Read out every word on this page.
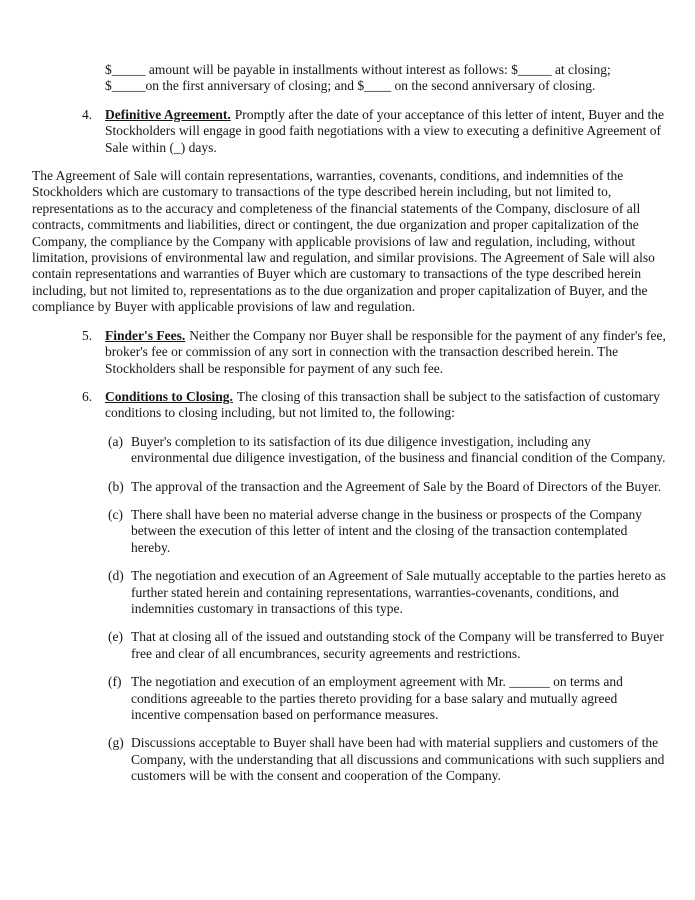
$_____ amount will be payable in installments without interest as follows: $_____ at closing; $_____on the first anniversary of closing; and $____ on the second anniversary of closing.

4. Definitive Agreement. Promptly after the date of your acceptance of this letter of intent, Buyer and the Stockholders will engage in good faith negotiations with a view to executing a definitive Agreement of Sale within (_) days.

The Agreement of Sale will contain representations, warranties, covenants, conditions, and indemnities of the Stockholders which are customary to transactions of the type described herein including, but not limited to, representations as to the accuracy and completeness of the financial statements of the Company, disclosure of all contracts, commitments and liabilities, direct or contingent, the due organization and proper capitalization of the Company, the compliance by the Company with applicable provisions of law and regulation, including, without limitation, provisions of environmental law and regulation, and similar provisions. The Agreement of Sale will also contain representations and warranties of Buyer which are customary to transactions of the type described herein including, but not limited to, representations as to the due organization and proper capitalization of Buyer, and the compliance by Buyer with applicable provisions of law and regulation.

5. Finder's Fees. Neither the Company nor Buyer shall be responsible for the payment of any finder's fee, broker's fee or commission of any sort in connection with the transaction described herein. The Stockholders shall be responsible for payment of any such fee.

6. Conditions to Closing. The closing of this transaction shall be subject to the satisfaction of customary conditions to closing including, but not limited to, the following:

(a) Buyer's completion to its satisfaction of its due diligence investigation, including any environmental due diligence investigation, of the business and financial condition of the Company.

(b) The approval of the transaction and the Agreement of Sale by the Board of Directors of the Buyer.

(c) There shall have been no material adverse change in the business or prospects of the Company between the execution of this letter of intent and the closing of the transaction contemplated hereby.

(d) The negotiation and execution of an Agreement of Sale mutually acceptable to the parties hereto as further stated herein and containing representations, warranties-covenants, conditions, and indemnities customary in transactions of this type.

(e) That at closing all of the issued and outstanding stock of the Company will be transferred to Buyer free and clear of all encumbrances, security agreements and restrictions.

(f) The negotiation and execution of an employment agreement with Mr. ______ on terms and conditions agreeable to the parties thereto providing for a base salary and mutually agreed incentive compensation based on performance measures.

(g) Discussions acceptable to Buyer shall have been had with material suppliers and customers of the Company, with the understanding that all discussions and communications with such suppliers and customers will be with the consent and cooperation of the Company.
